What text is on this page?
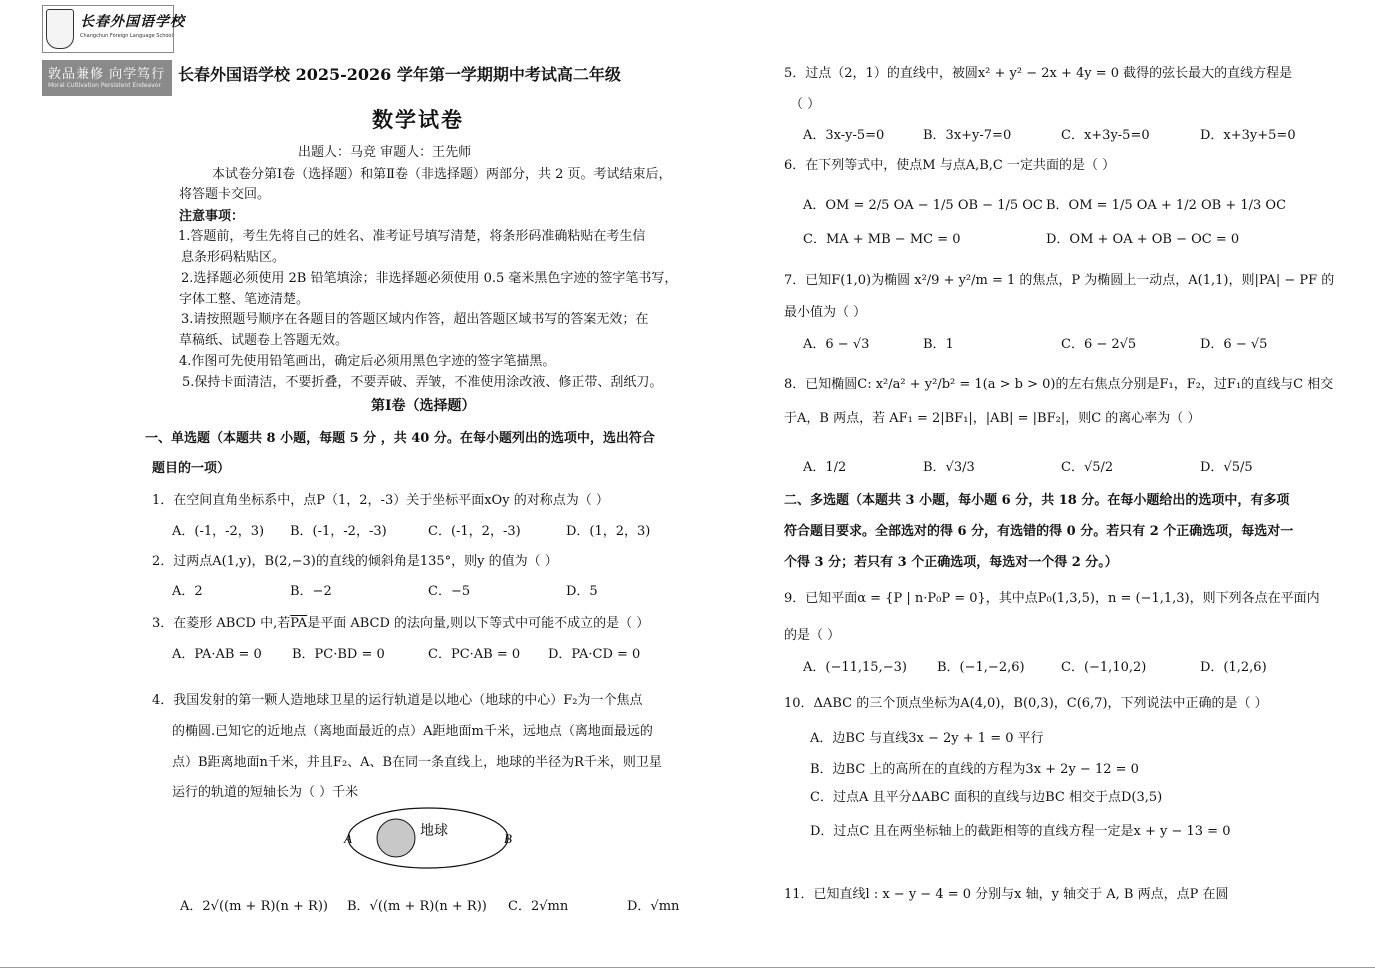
长春外国语学校
Changchun Foreign Language School
敦品兼修 向学笃行
Moral Cultivation Persistent Endeavor
长春外国语学校 2025-2026 学年第一学期期中考试高二年级
数学试卷
出题人：马竞 审题人：王先师
本试卷分第Ⅰ卷（选择题）和第Ⅱ卷（非选择题）两部分，共 2 页。考试结束后，
将答题卡交回。
注意事项：
1.答题前，考生先将自己的姓名、准考证号填写清楚，将条形码准确粘贴在考生信
息条形码粘贴区。
2.选择题必须使用 2B 铅笔填涂；非选择题必须使用 0.5 毫米黑色字迹的签字笔书写，
字体工整、笔迹清楚。
3.请按照题号顺序在各题目的答题区域内作答，超出答题区域书写的答案无效；在
草稿纸、试题卷上答题无效。
4.作图可先使用铅笔画出，确定后必须用黑色字迹的签字笔描黑。
5.保持卡面清洁，不要折叠，不要弄破、弄皱，不准使用涂改液、修正带、刮纸刀。
第Ⅰ卷（选择题）
一、单选题（本题共 8 小题，每题 5 分 ，共 40 分。在每小题列出的选项中，选出符合
题目的一项）
1．在空间直角坐标系中，点P（1，2，-3）关于坐标平面xOy 的对称点为（ ）
A．(-1，-2，3) B．(-1，-2，-3)	C．(-1，2，-3)	D．(1，2，3)
2．过两点A(1,y)，B(2,−3)的直线的倾斜角是135°，则y 的值为（ ）
A．2	B．−2	C．−5	D．5
3．在菱形 ABCD 中,若$\overline{PA}$是平面 ABCD 的法向量,则以下等式中可能不成立的是（ ）
A．PA·AB = 0 B．PC·BD = 0	C．PC·AB = 0 D．PA·CD = 0
4．我国发射的第一颗人造地球卫星的运行轨道是以地心（地球的中心）F₂为一个焦点
的椭圆.已知它的近地点（离地面最近的点）A距地面m千米，远地点（离地面最远的
点）B距离地面n千米，并且F₂、A、B在同一条直线上，地球的半径为R千米，则卫星
运行的轨道的短轴长为（ ）千米
A	B
地球
A．2√((m + R)(n + R)) B．√((m + R)(n + R)) C．2√mn	D．√mn
5．过点（2，1）的直线中，被圆x² + y² − 2x + 4y = 0 截得的弦长最大的直线方程是
（ ）
A．3x-y-5=0	B．3x+y-7=0	C．x+3y-5=0	D．x+3y+5=0
6．在下列等式中，使点M 与点A,B,C 一定共面的是（ ）
A．OM = 2/5 OA − 1/5 OB − 1/5 OC B．OM = 1/5 OA + 1/2 OB + 1/3 OC
C．MA + MB − MC = 0	D．OM + OA + OB − OC = 0
7．已知F(1,0)为椭圆 x²/9 + y²/m = 1 的焦点，P 为椭圆上一动点，A(1,1)，则|PA| − PF 的
最小值为（ ）
A．6 − √3	B．1	C．6 − 2√5	D．6 − √5
8．已知椭圆C: x²/a² + y²/b² = 1(a > b > 0)的左右焦点分别是F₁，F₂，过F₁的直线与C 相交
于A，B 两点，若 AF₁ = 2|BF₁|，|AB| = |BF₂|，则C 的离心率为（ ）
A．1/2	B．√3/3	C．√5/2	D．√5/5
二、多选题（本题共 3 小题，每小题 6 分，共 18 分。在每小题给出的选项中，有多项
符合题目要求。全部选对的得 6 分，有选错的得 0 分。若只有 2 个正确选项，每选对一
个得 3 分；若只有 3 个正确选项，每选对一个得 2 分。）
9．已知平面α = {P | n·P₀P = 0}，其中点P₀(1,3,5)，n = (−1,1,3)，则下列各点在平面内
的是（ ）
A．(−11,15,−3) B．(−1,−2,6)	C．(−1,10,2)	D．(1,2,6)
10．ΔABC 的三个顶点坐标为A(4,0)，B(0,3)，C(6,7)，下列说法中正确的是（ ）
A．边BC 与直线3x − 2y + 1 = 0 平行
B．边BC 上的高所在的直线的方程为3x + 2y − 12 = 0
C．过点A 且平分ΔABC 面积的直线与边BC 相交于点D(3,5)
D．过点C 且在两坐标轴上的截距相等的直线方程一定是x + y − 13 = 0
11．已知直线l : x − y − 4 = 0 分别与x 轴，y 轴交于 A, B 两点，点P 在圆
